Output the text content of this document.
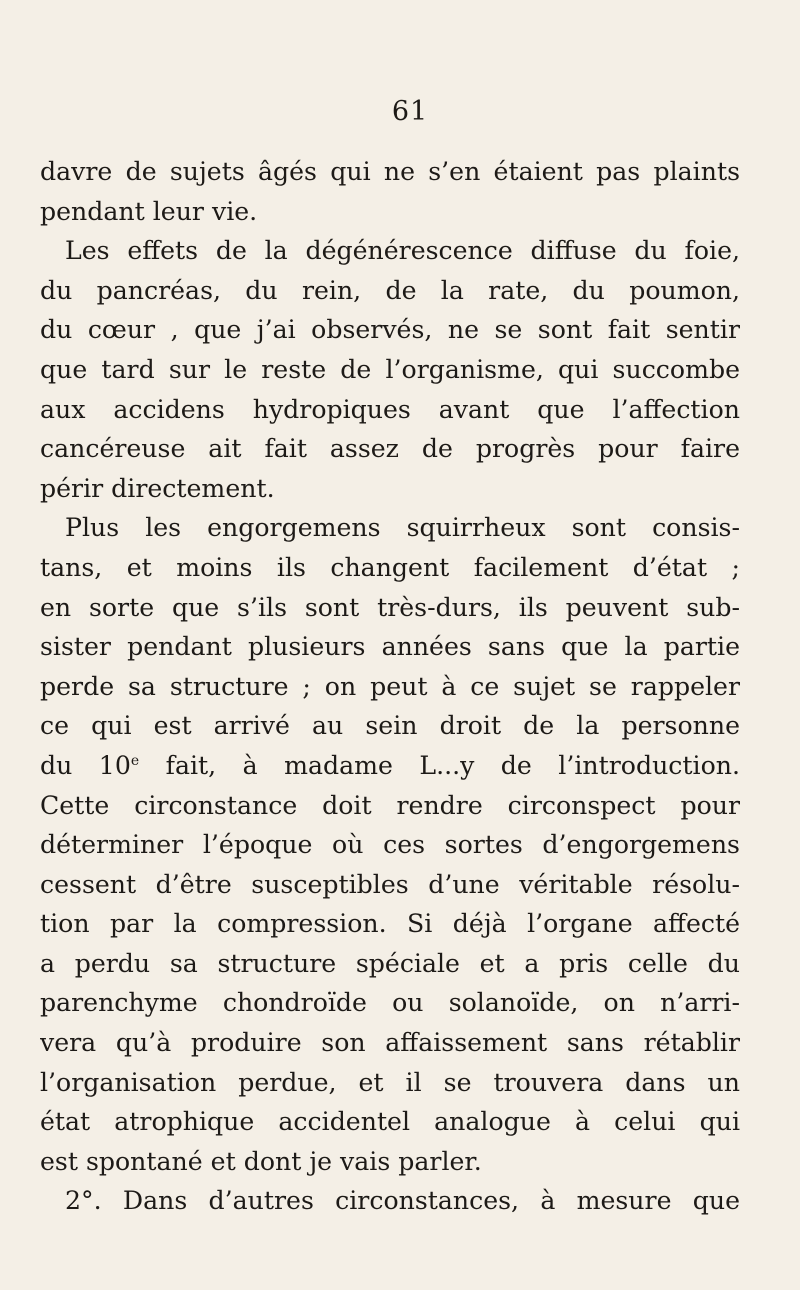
61
davre de sujets âgés qui ne s’en étaient pas plaints
pendant leur vie.
Les effets de la dégénérescence diffuse du foie,
du pancréas, du rein, de la rate, du poumon,
du cœur , que j’ai observés, ne se sont fait sentir
que tard sur le reste de l’organisme, qui succombe
aux accidens hydropiques avant que l’affection
cancéreuse ait fait assez de progrès pour faire
périr directement.
Plus les engorgemens squirrheux sont consis-
tans, et moins ils changent facilement d’état ;
en sorte que s’ils sont très-durs, ils peuvent sub-
sister pendant plusieurs années sans que la partie
perde sa structure ; on peut à ce sujet se rappeler
ce qui est arrivé au sein droit de la personne
du 10e fait, à madame L...y de l’introduction.
Cette circonstance doit rendre circonspect pour
déterminer l’époque où ces sortes d’engorgemens
cessent d’être susceptibles d’une véritable résolu-
tion par la compression. Si déjà l’organe affecté
a perdu sa structure spéciale et a pris celle du
parenchyme chondroïde ou solanoïde, on n’arri-
vera qu’à produire son affaissement sans rétablir
l’organisation perdue, et il se trouvera dans un
état atrophique accidentel analogue à celui qui
est spontané et dont je vais parler.
2°. Dans d’autres circonstances, à mesure que
